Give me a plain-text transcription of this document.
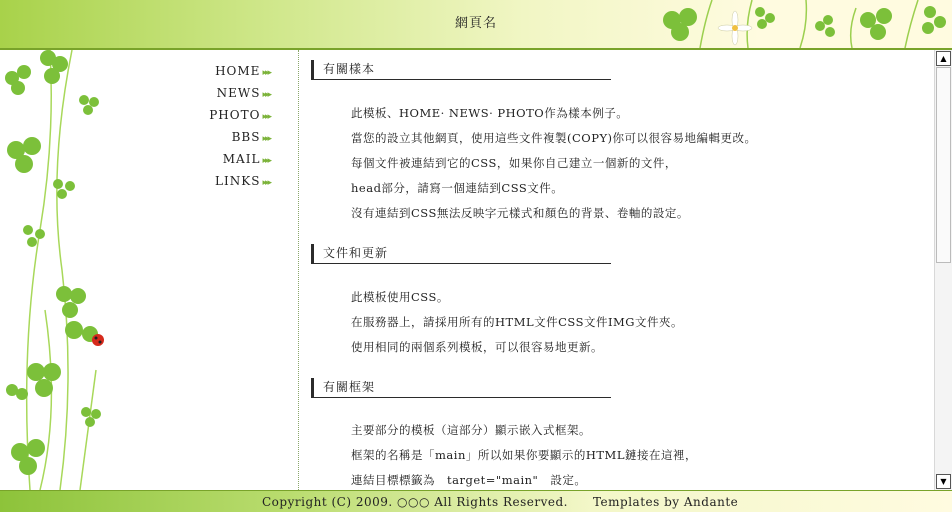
網頁名
HOME ▸▸▸
NEWS ▸▸▸
PHOTO ▸▸▸
BBS ▸▸▸
MAIL ▸▸▸
LINKS ▸▸▸
有關樣本
此模板、HOME· NEWS· PHOTO作為樣本例子。
當您的設立其他網頁，使用這些文件複製(COPY)你可以很容易地編輯更改。
每個文件被連結到它的CSS，如果你自己建立一個新的文件，
head部分，請寫一個連結到CSS文件。
沒有連結到CSS無法反映字元樣式和顏色的背景、卷軸的設定。
文件和更新
此模板使用CSS。
在服務器上，請採用所有的HTML文件CSS文件IMG文件夾。
使用相同的兩個系列模板，可以很容易地更新。
有關框架
主要部分的模板（這部分）顯示嵌入式框架。
框架的名稱是「main」所以如果你要顯示的HTML鏈接在這裡，
連結目標標籤為　target="main"　設定。
▲
▼
Copyright (C) 2009. ○○○ All Rights Reserved.　　Templates by Andante
